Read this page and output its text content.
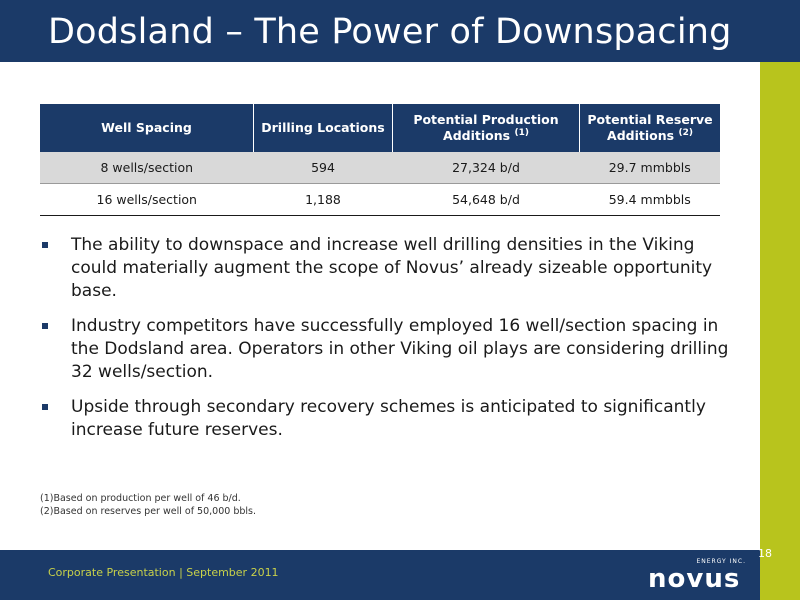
Dodsland – The Power of Downspacing
Well Spacing	Drilling Locations	Potential Production Additions $^{(1)}$	Potential Reserve Additions $^{(2)}$
8 wells/section	594	27,324 b/d	29.7 mmbbls
16 wells/section	1,188	54,648 b/d	59.4 mmbbls
The ability to downspace and increase well drilling densities in the Viking could materially augment the scope of Novus’ already sizeable opportunity base.
Industry competitors have successfully employed 16 well/section spacing in the Dodsland area. Operators in other Viking oil plays are considering drilling 32 wells/section.
Upside through secondary recovery schemes is anticipated to significantly increase future reserves.
(1)Based on production per well of 46 b/d.
(2)Based on reserves per well of 50,000 bbls.
Corporate Presentation | September 2011
18
ENERGY INC.
novus
